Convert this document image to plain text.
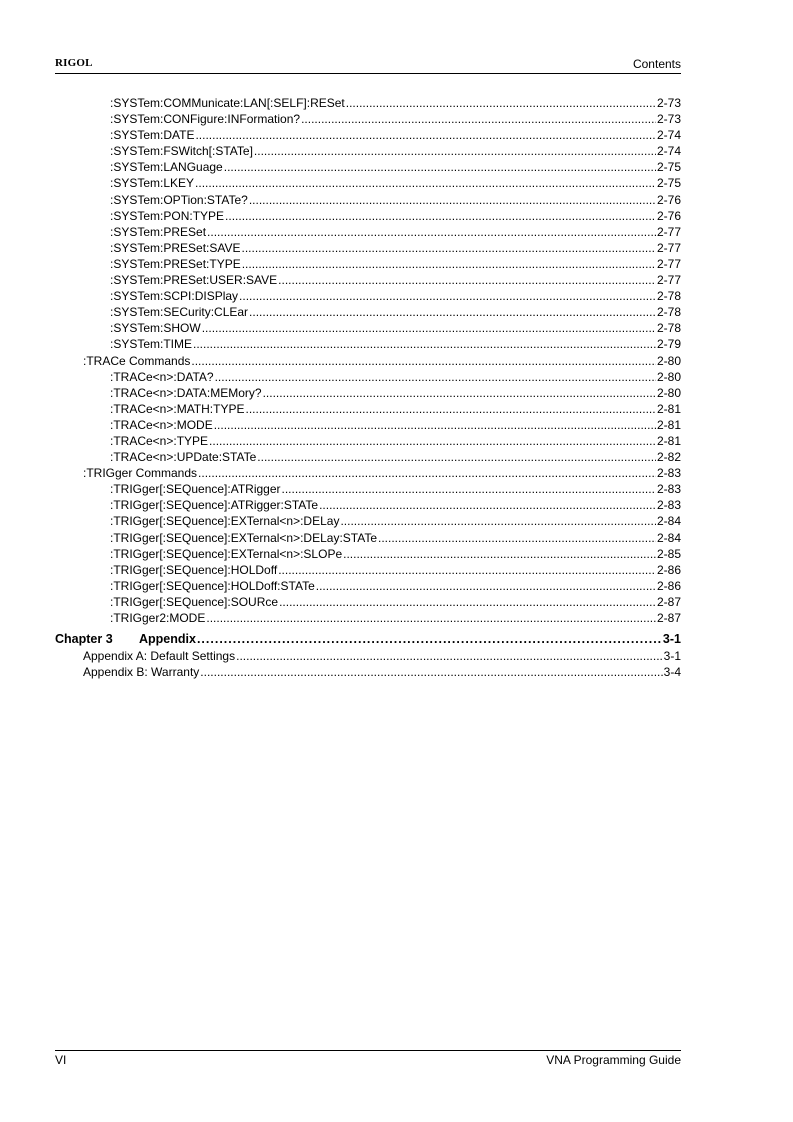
RIGOL	Contents
:SYSTem:COMMunicate:LAN[:SELF]:RESet .....	2-73
:SYSTem:CONFigure:INFormation? .....	2-73
:SYSTem:DATE .....	2-74
:SYSTem:FSWitch[:STATe] .....	2-74
:SYSTem:LANGuage .....	2-75
:SYSTem:LKEY .....	2-75
:SYSTem:OPTion:STATe? .....	2-76
:SYSTem:PON:TYPE .....	2-76
:SYSTem:PRESet .....	2-77
:SYSTem:PRESet:SAVE .....	2-77
:SYSTem:PRESet:TYPE .....	2-77
:SYSTem:PRESet:USER:SAVE .....	2-77
:SYSTem:SCPI:DISPlay .....	2-78
:SYSTem:SECurity:CLEar .....	2-78
:SYSTem:SHOW .....	2-78
:SYSTem:TIME .....	2-79
:TRACe Commands .....	2-80
:TRACe<n>:DATA? .....	2-80
:TRACe<n>:DATA:MEMory? .....	2-80
:TRACe<n>:MATH:TYPE .....	2-81
:TRACe<n>:MODE .....	2-81
:TRACe<n>:TYPE .....	2-81
:TRACe<n>:UPDate:STATe .....	2-82
:TRIGger Commands .....	2-83
:TRIGger[:SEQuence]:ATRigger .....	2-83
:TRIGger[:SEQuence]:ATRigger:STATe .....	2-83
:TRIGger[:SEQuence]:EXTernal<n>:DELay .....	2-84
:TRIGger[:SEQuence]:EXTernal<n>:DELay:STATe .....	2-84
:TRIGger[:SEQuence]:EXTernal<n>:SLOPe .....	2-85
:TRIGger[:SEQuence]:HOLDoff .....	2-86
:TRIGger[:SEQuence]:HOLDoff:STATe .....	2-86
:TRIGger[:SEQuence]:SOURce .....	2-87
:TRIGger2:MODE .....	2-87
Chapter 3	Appendix .....	3-1
Appendix A: Default Settings .....	3-1
Appendix B: Warranty .....	3-4
VI	VNA Programming Guide
